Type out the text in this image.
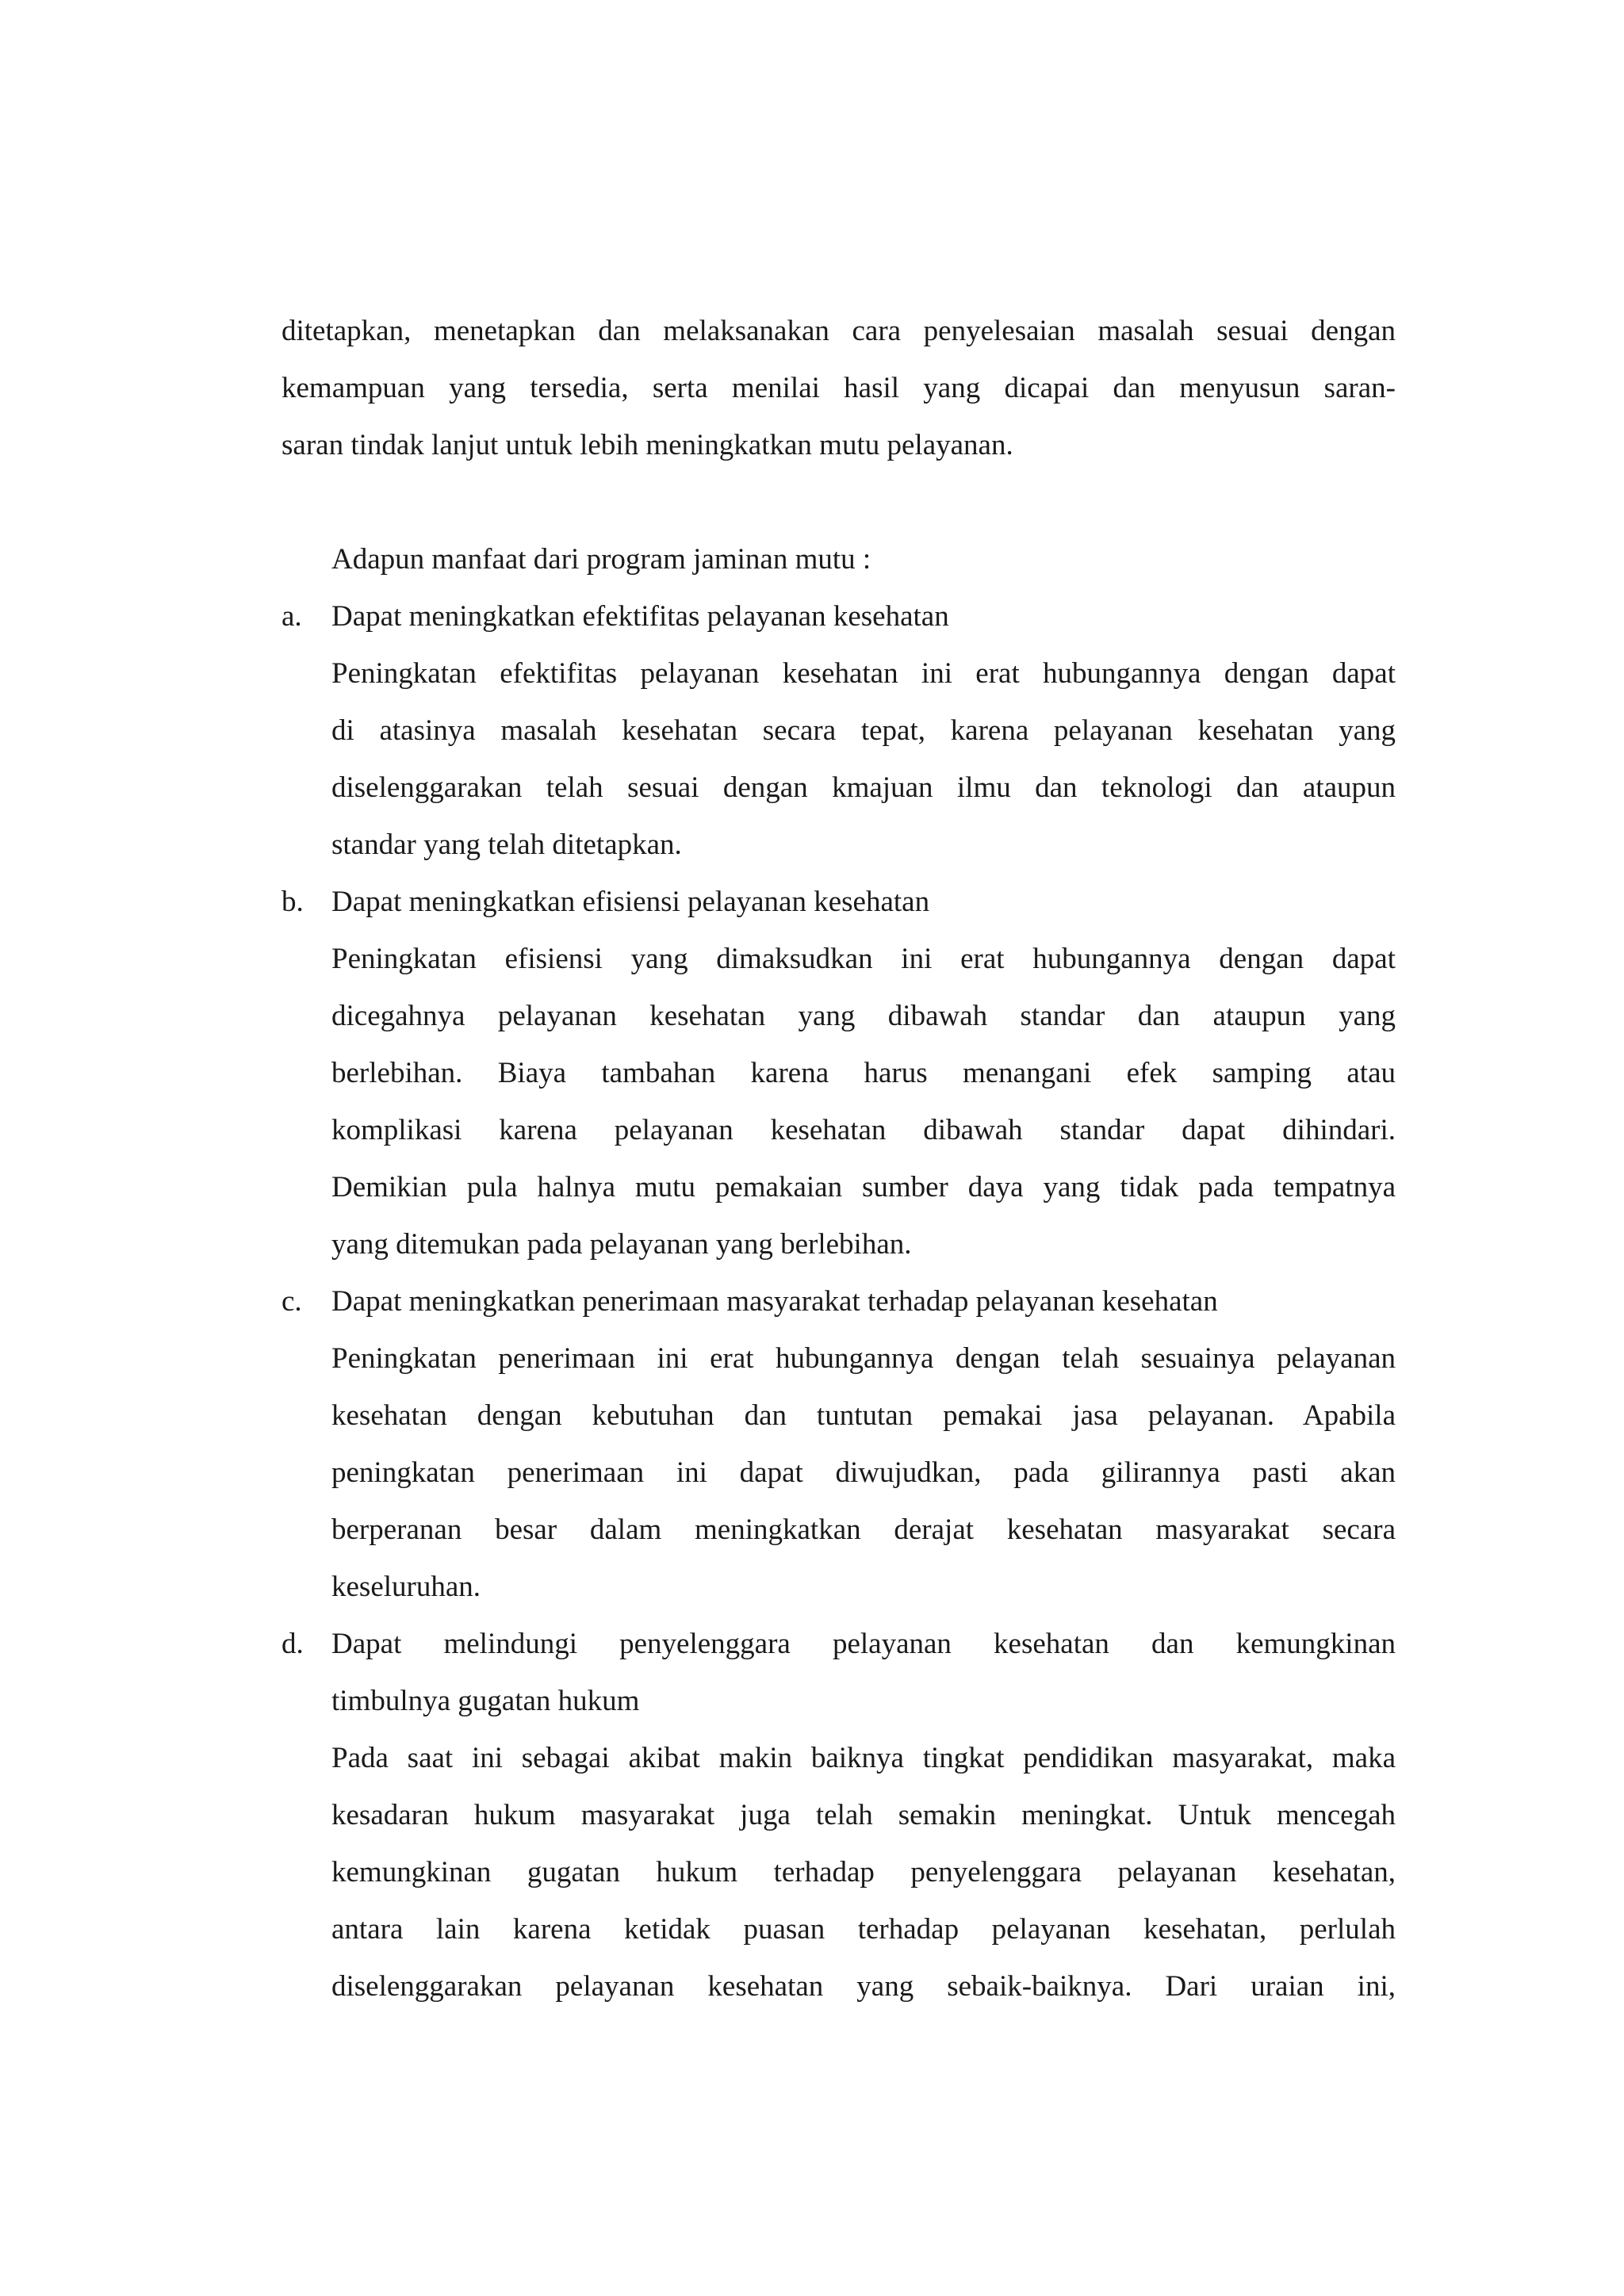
ditetapkan, menetapkan dan melaksanakan cara penyelesaian masalah sesuai dengan
kemampuan yang tersedia, serta menilai hasil yang dicapai dan menyusun saran-
saran tindak lanjut untuk lebih meningkatkan mutu pelayanan.
Adapun manfaat dari program jaminan mutu :
a. Dapat meningkatkan efektifitas pelayanan kesehatan
Peningkatan efektifitas pelayanan kesehatan ini erat hubungannya dengan dapat
di atasinya masalah kesehatan secara tepat, karena pelayanan kesehatan yang
diselenggarakan telah sesuai dengan kmajuan ilmu dan teknologi dan ataupun
standar yang telah ditetapkan.
b. Dapat meningkatkan efisiensi pelayanan kesehatan
Peningkatan efisiensi yang dimaksudkan ini erat hubungannya dengan dapat
dicegahnya pelayanan kesehatan yang dibawah standar dan ataupun yang
berlebihan. Biaya tambahan karena harus menangani efek samping atau
komplikasi karena pelayanan kesehatan dibawah standar dapat dihindari.
Demikian pula halnya mutu pemakaian sumber daya yang tidak pada tempatnya
yang ditemukan pada pelayanan yang berlebihan.
c. Dapat meningkatkan penerimaan masyarakat terhadap pelayanan kesehatan
Peningkatan penerimaan ini erat hubungannya dengan telah sesuainya pelayanan
kesehatan dengan kebutuhan dan tuntutan pemakai jasa pelayanan. Apabila
peningkatan penerimaan ini dapat diwujudkan, pada gilirannya pasti akan
berperanan besar dalam meningkatkan derajat kesehatan masyarakat secara
keseluruhan.
d. Dapat melindungi penyelenggara pelayanan kesehatan dan kemungkinan
timbulnya gugatan hukum
Pada saat ini sebagai akibat makin baiknya tingkat pendidikan masyarakat, maka
kesadaran hukum masyarakat juga telah semakin meningkat. Untuk mencegah
kemungkinan gugatan hukum terhadap penyelenggara pelayanan kesehatan,
antara lain karena ketidak puasan terhadap pelayanan kesehatan, perlulah
diselenggarakan pelayanan kesehatan yang sebaik-baiknya. Dari uraian ini,
